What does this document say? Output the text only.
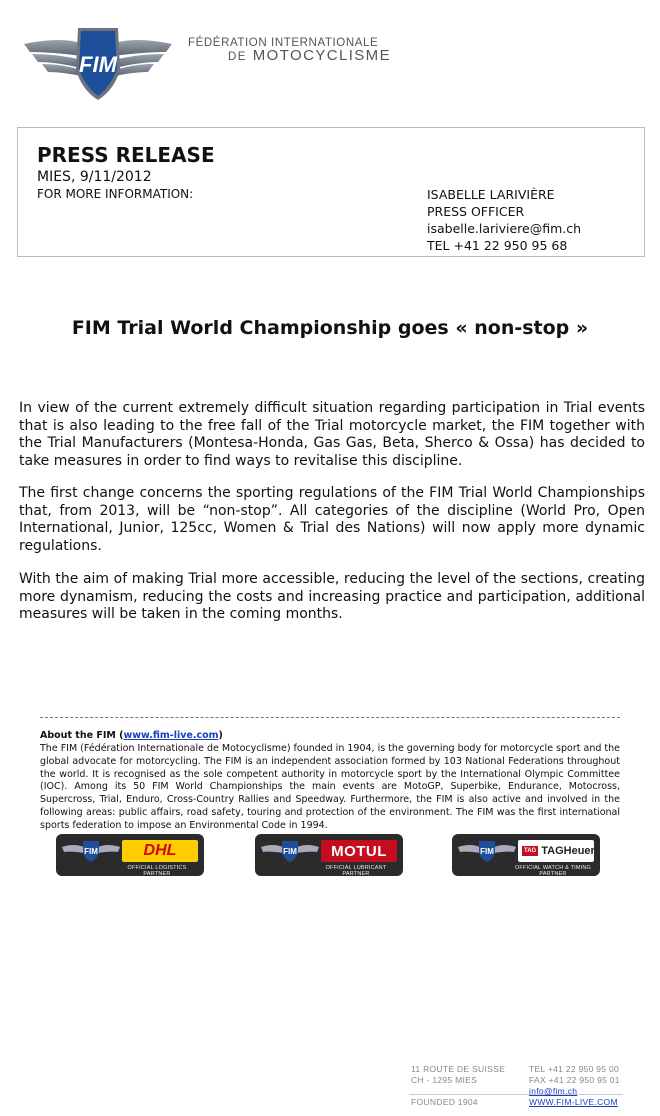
FIM
FÉDÉRATION INTERNATIONALE
DE MOTOCYCLISME
PRESS RELEASE
MIES, 9/11/2012
FOR MORE INFORMATION:	ISABELLE LARIVIÈRE
PRESS OFFICER
isabelle.lariviere@fim.ch
TEL +41 22 950 95 68
FIM Trial World Championship goes « non-stop »
In view of the current extremely difficult situation regarding participation in Trial events that is also leading to the free fall of the Trial motorcycle market, the FIM together with the Trial Manufacturers (Montesa-Honda, Gas Gas, Beta, Sherco & Ossa) has decided to take measures in order to find ways to revitalise this discipline.
The first change concerns the sporting regulations of the FIM Trial World Championships that, from 2013, will be “non-stop”. All categories of the discipline (World Pro, Open International, Junior, 125cc, Women & Trial des Nations) will now apply more dynamic regulations.
With the aim of making Trial more accessible, reducing the level of the sections, creating more dynamism, reducing the costs and increasing practice and participation, additional measures will be taken in the coming months.
About the FIM (www.fim-live.com)
The FIM (Fédération Internationale de Motocyclisme) founded in 1904, is the governing body for motorcycle sport and the global advocate for motorcycling. The FIM is an independent association formed by 103 National Federations throughout the world. It is recognised as the sole competent authority in motorcycle sport by the International Olympic Committee (IOC). Among its 50 FIM World Championships the main events are MotoGP, Superbike, Endurance, Motocross, Supercross, Trial, Enduro, Cross-Country Rallies and Speedway. Furthermore, the FIM is also active and involved in the following areas: public affairs, road safety, touring and protection of the environment. The FIM was the first international sports federation to impose an Environmental Code in 1994.
FIM	DHL
OFFICIAL LOGISTICS PARTNER
FIM	MOTUL
OFFICIAL LUBRICANT PARTNER
FIM	TAG TAGHeuer
OFFICIAL WATCH & TIMING PARTNER
11 ROUTE DE SUISSE
CH - 1295 MIES
FOUNDED 1904
TEL +41 22 950 95 00
FAX +41 22 950 95 01
info@fim.ch
WWW.FIM-LIVE.COM
